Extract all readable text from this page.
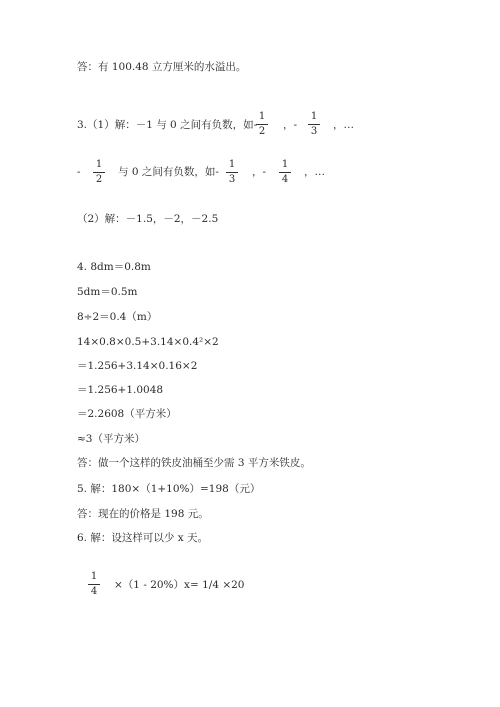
答：有 100.48 立方厘米的水溢出。
3.（1）解：－1 与 0 之间有负数，如-
1
2
，-
1
3
，…
-
1
2
与 0 之间有负数，如-
1
3
，-
1
4
，…
（2）解：－1.5，－2，－2.5
4. 8dm＝0.8m
5dm＝0.5m
8÷2＝0.4（m）
14×0.8×0.5+3.14×0.4²×2
＝1.256+3.14×0.16×2
＝1.256+1.0048
＝2.2608（平方米）
≈3（平方米）
答：做一个这样的铁皮油桶至少需 3 平方米铁皮。
5. 解：180×（1+10%）=198（元）
答：现在的价格是 198 元。
6. 解：设这样可以少 x 天。
1
4
×（1 - 20%）x= 1/4 ×20
